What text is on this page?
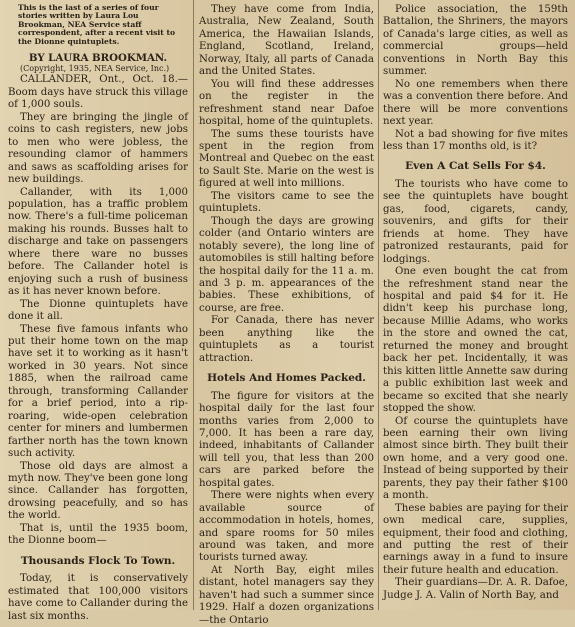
This is the last of a series of four stories written by Laura Lou Brookman, NEA Service staff correspondent, after a recent visit to the Dionne quintuplets.

BY LAURA BROOKMAN.

(Copyright, 1935, NEA Service, Inc.)

CALLANDER, Ont., Oct. 18.— Boom days have struck this village of 1,000 souls.

They are bringing the jingle of coins to cash registers, new jobs to men who were jobless, the resounding clamor of hammers and saws as scaffolding arises for new buildings.

Callander, with its 1,000 population, has a traffic problem now. There's a full-time policeman making his rounds. Busses halt to discharge and take on passengers where there ware no busses before. The Callander hotel is enjoying such a rush of business as it has never known before.

The Dionne quintuplets have done it all.

These five famous infants who put their home town on the map have set it to working as it hasn't worked in 30 years. Not since 1885, when the railroad came through, transforming Callander for a brief period, into a rip-roaring, wide-open celebration center for miners and lumbermen farther north has the town known such activity.

Those old days are almost a myth now. They've been gone long since. Callander has forgotten, drowsing peacefully, and so has the world.

That is, until the 1935 boom, the Dionne boom—

Thousands Flock To Town.

Today, it is conservatively estimated that 100,000 visitors have come to Callander during the last six months.

They have come from India, Australia, New Zealand, South America, the Hawaiian Islands, England, Scotland, Ireland, Norway, Italy, all parts of Canada and the United States.

You will find these addresses on the register in the refreshment stand near Dafoe hospital, home of the quintuplets.

The sums these tourists have spent in the region from Montreal and Quebec on the east to Sault Ste. Marie on the west is figured at well into millions.

The visitors came to see the quintuplets.

Though the days are growing colder (and Ontario winters are notably severe), the long line of automobiles is still halting before the hospital daily for the 11 a. m. and 3 p. m. appearances of the babies. These exhibitions, of course, are free.

For Canada, there has never been anything like the quintuplets as a tourist attraction.

Hotels And Homes Packed.

The figure for visitors at the hospital daily for the last four months varies from 2,000 to 7,000. It has been a rare day, indeed, inhabitants of Callander will tell you, that less than 200 cars are parked before the hospital gates.

There were nights when every available source of accommodation in hotels, homes, and spare rooms for 50 miles around was taken, and more tourists turned away.

At North Bay, eight miles distant, hotel managers say they haven't had such a summer since 1929. Half a dozen organizations—the Ontario

Police association, the 159th Battalion, the Shriners, the mayors of Canada's large cities, as well as commercial groups—held conventions in North Bay this summer.

No one remembers when there was a convention there before. And there will be more conventions next year.

Not a bad showing for five mites less than 17 months old, is it?

Even A Cat Sells For $4.

The tourists who have come to see the quintuplets have bought gas, food, cigarets, candy, souvenirs, and gifts for their friends at home. They have patronized restaurants, paid for lodgings.

One even bought the cat from the refreshment stand near the hospital and paid $4 for it. He didn't keep his purchase long, because Millie Adams, who works in the store and owned the cat, returned the money and brought back her pet. Incidentally, it was this kitten little Annette saw during a public exhibition last week and became so excited that she nearly stopped the show.

Of course the quintuplets have been earning their own living almost since birth. They built their own home, and a very good one. Instead of being supported by their parents, they pay their father $100 a month.

These babies are paying for their own medical care, supplies, equipment, their food and clothing, and putting the rest of their earnings away in a fund to insure their future health and education.

Their guardians—Dr. A. R. Dafoe, Judge J. A. Valin of North Bay, and
